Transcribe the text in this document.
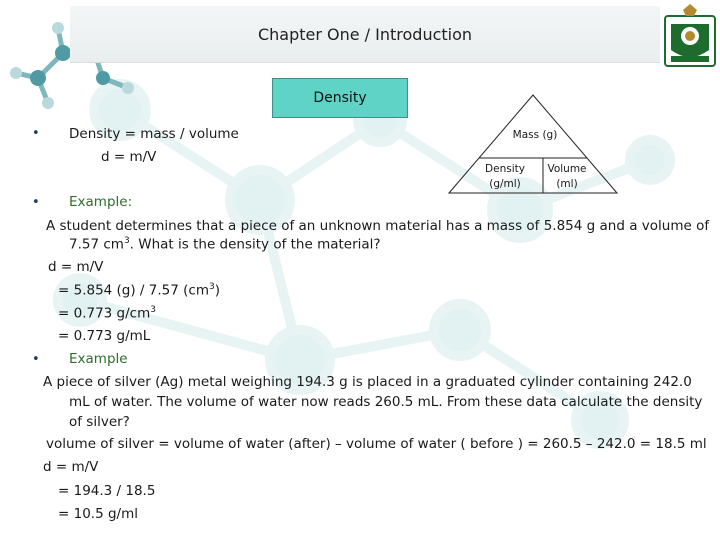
Chapter One / Introduction
Density
Mass (g)
Density
(g/ml)
Volume
(ml)
• Density = mass / volume
d = m/V
• Example:
A student determines that a piece of an unknown material has a mass of 5.854 g and a volume of
7.57 $cm^3$. What is the density of the material?
d = m/V
= 5.854 (g) / 7.57 $(cm^3)$
= 0.773 $g/cm^3$
= 0.773 g/mL
• Example
A piece of silver (Ag) metal weighing 194.3 g is placed in a graduated cylinder containing 242.0
mL of water. The volume of water now reads 260.5 mL. From these data calculate the density
of silver?
volume of silver = volume of water (after) – volume of water ( before ) = 260.5 – 242.0 = 18.5 ml
d = m/V
= 194.3 / 18.5
= 10.5 g/ml
